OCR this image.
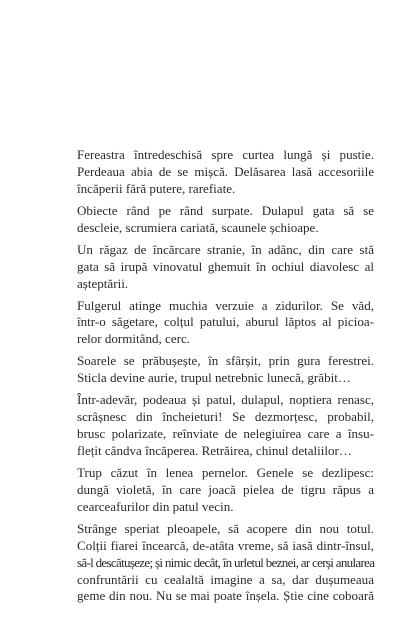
Fereastra întredeschisă spre curtea lungă și pustie.
Perdeaua abia de se mișcă. Delăsarea lasă accesoriile
încăperii fără putere, rarefiate.
Obiecte rând pe rând surpate. Dulapul gata să se
descleie, scrumiera cariată, scaunele șchioape.
Un răgaz de încărcare stranie, în adânc, din care stă
gata să irupă vinovatul ghemuit în ochiul diavolesc al
așteptării.
Fulgerul atinge muchia verzuie a zidurilor. Se văd,
într-o săgetare, colțul patului, aburul lăptos al picioa-
relor dormitând, cerc.
Soarele se prăbușește, în sfârșit, prin gura ferestrei.
Sticla devine aurie, trupul netrebnic lunecă, grăbit…
Într-adevăr, podeaua și patul, dulapul, noptiera renasc,
scrâșnesc din încheieturi! Se dezmorțesc, probabil,
brusc polarizate, reînviate de nelegiuirea care a însu-
flețit cândva încăperea. Retrăirea, chinul detaliilor…
Trup căzut în lenea pernelor. Genele se dezlipesc:
dungă violetă, în care joacă pielea de tigru răpus a
cearceafurilor din patul vecin.
Strânge speriat pleoapele, să acopere din nou totul.
Colții fiarei încearcă, de-atâta vreme, să iasă dintr-însul,
să-l descătușeze; și nimic decât, în urletul beznei, ar cerși anularea
confruntării cu cealaltă imagine a sa, dar dușumeaua
geme din nou. Nu se mai poate înșela. Știe cine coboară
